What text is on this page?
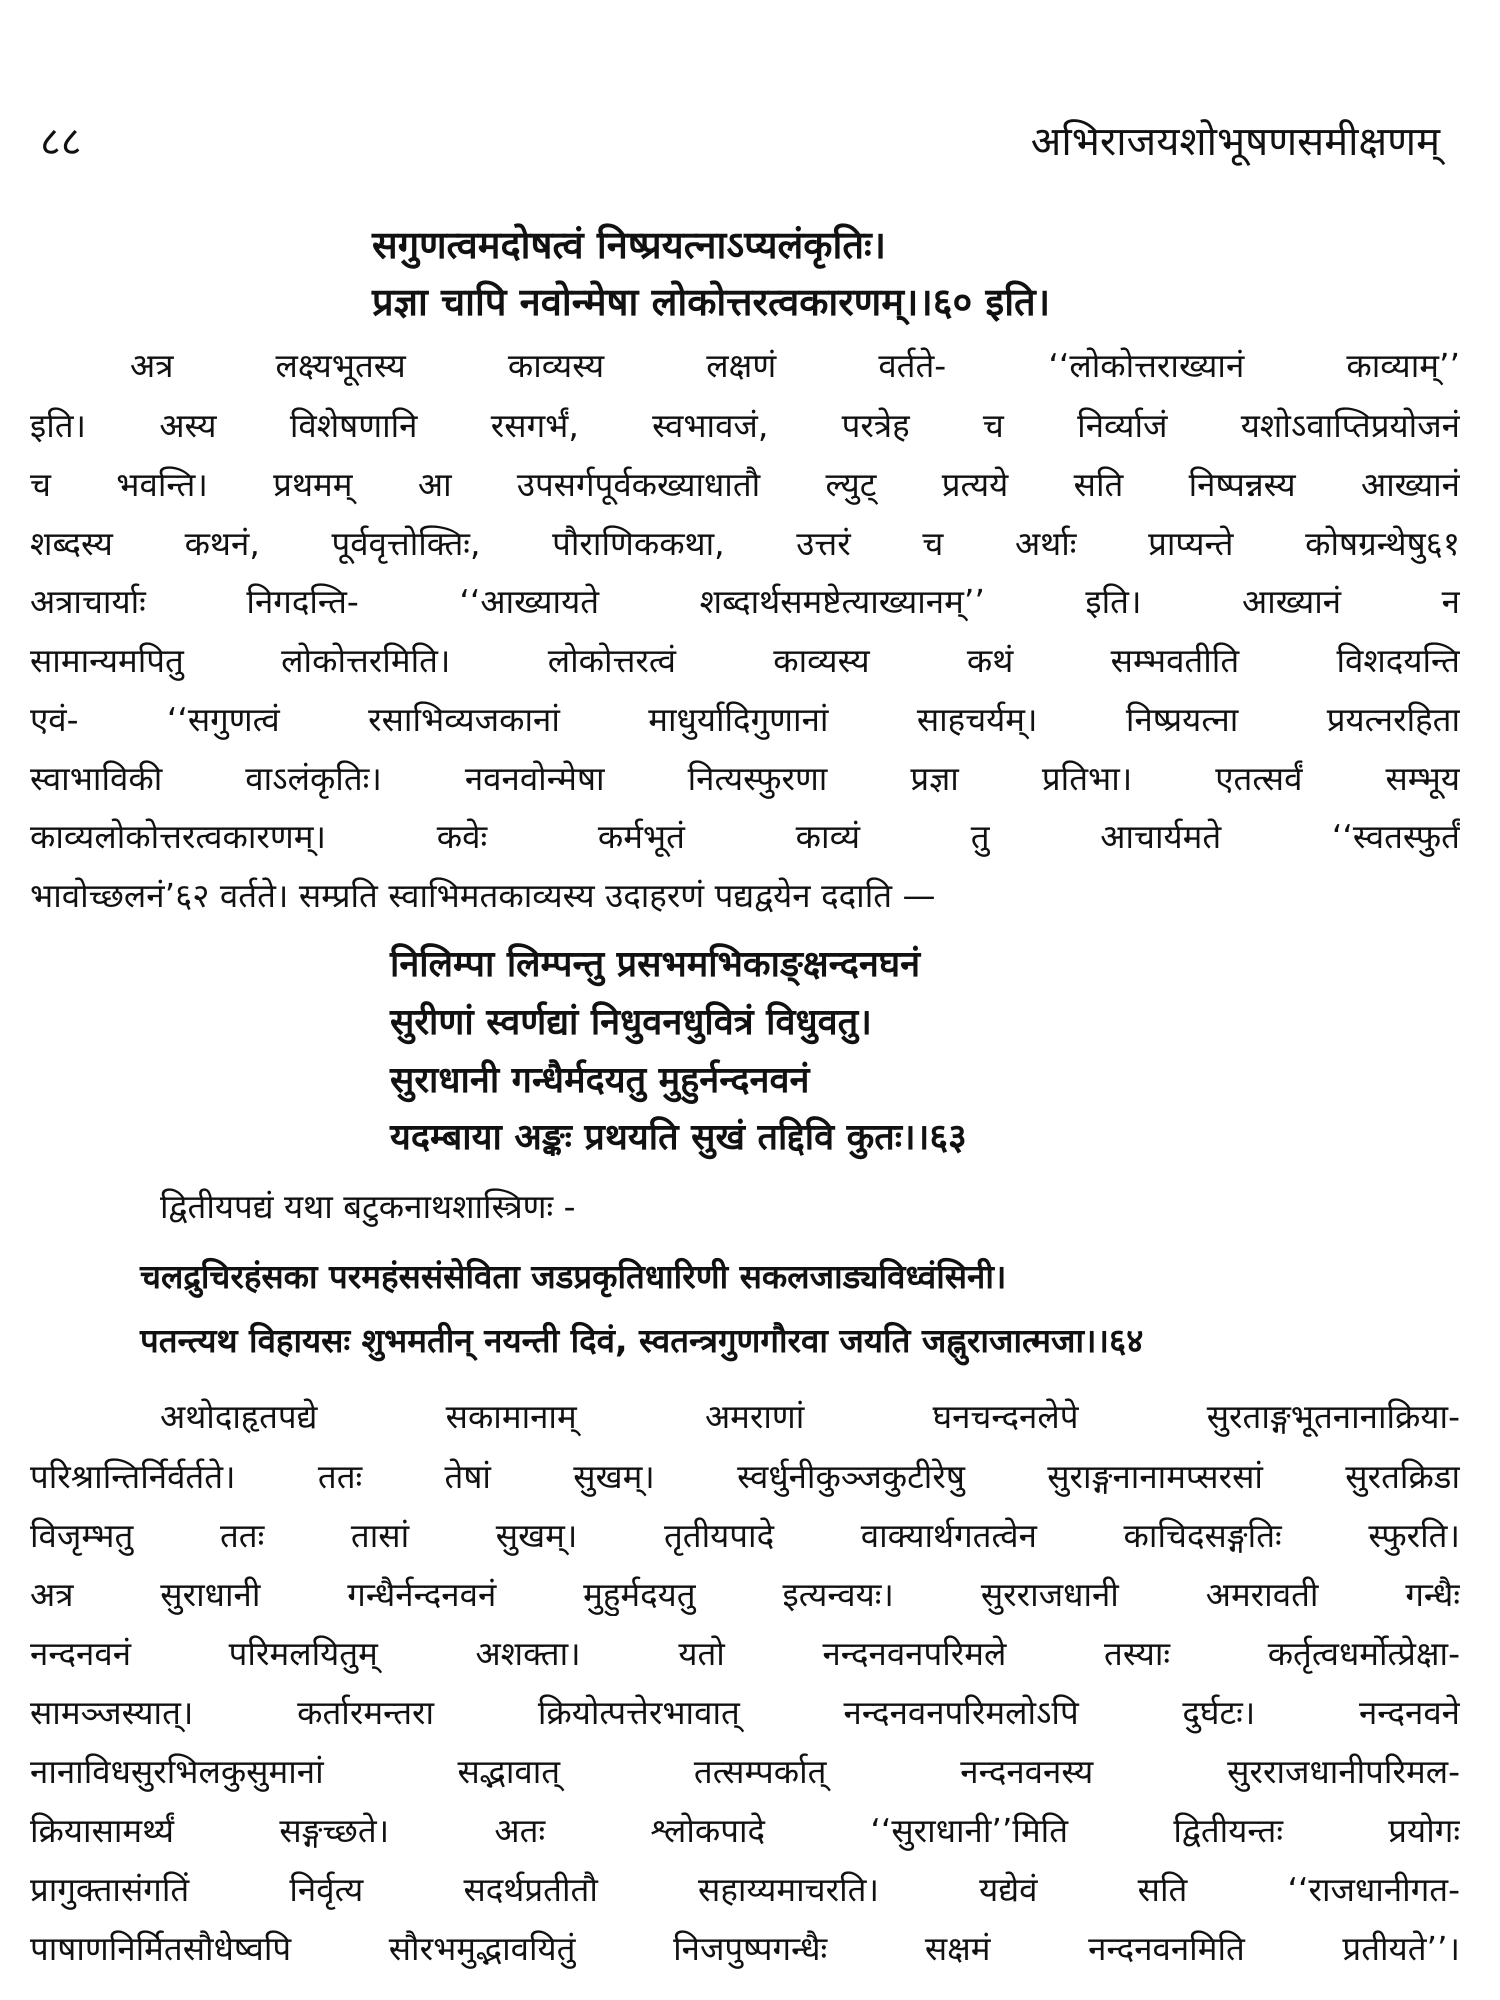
८८	अभिराजयशोभूषणसमीक्षणम्
सगुणत्वमदोषत्वं निष्प्रयत्नाऽप्यलंकृतिः।
प्रज्ञा चापि नवोन्मेषा लोकोत्तरत्वकारणम्।।६० इति।
अत्र लक्ष्यभूतस्य काव्यस्य लक्षणं वर्तते- ‘‘लोकोत्तराख्यानं काव्याम्’’
इति। अस्य विशेषणानि रसगर्भं, स्वभावजं, परत्रेह च निर्व्याजं यशोऽवाप्तिप्रयोजनं
च भवन्ति। प्रथमम् आ उपसर्गपूर्वकख्याधातौ ल्युट् प्रत्यये सति निष्पन्नस्य आख्यानं
शब्दस्य कथनं, पूर्ववृत्तोक्तिः, पौराणिककथा, उत्तरं च अर्थाः प्राप्यन्ते कोषग्रन्थेषु६१
अत्राचार्याः निगदन्ति- ‘‘आख्यायते शब्दार्थसमष्टेत्याख्यानम्’’ इति। आख्यानं न
सामान्यमपितु लोकोत्तरमिति। लोकोत्तरत्वं काव्यस्य कथं सम्भवतीति विशदयन्ति
एवं- ‘‘सगुणत्वं रसाभिव्यजकानां माधुर्यादिगुणानां साहचर्यम्। निष्प्रयत्ना प्रयत्नरहिता
स्वाभाविकी वाऽलंकृतिः। नवनवोन्मेषा नित्यस्फुरणा प्रज्ञा प्रतिभा। एतत्सर्वं सम्भूय
काव्यलोकोत्तरत्वकारणम्। कवेः कर्मभूतं काव्यं तु आचार्यमते ‘‘स्वतस्फुर्तं
भावोच्छलनं’६२ वर्तते। सम्प्रति स्वाभिमतकाव्यस्य उदाहरणं पद्यद्वयेन ददाति —
निलिम्पा लिम्पन्तु प्रसभमभिकाङ्क्षन्दनघनं
सुरीणां स्वर्णद्यां निधुवनधुवित्रं विधुवतु।
सुराधानी गन्धैर्मदयतु मुहुर्नन्दनवनं
यदम्बाया अङ्कः प्रथयति सुखं तद्दिवि कुतः।।६३
द्वितीयपद्यं यथा बटुकनाथशास्त्रिणः -
चलद्रुचिरहंसका परमहंससंसेविता जडप्रकृतिधारिणी सकलजाड्यविध्वंसिनी।
पतन्त्यथ विहायसः शुभमतीन् नयन्ती दिवं, स्वतन्त्रगुणगौरवा जयति जह्नुराजात्मजा।।६४
अथोदाहृतपद्ये सकामानाम् अमराणां घनचन्दनलेपे सुरताङ्गभूतनानाक्रिया-
परिश्रान्तिर्निर्वर्तते। ततः तेषां सुखम्। स्वर्धुनीकुञ्जकुटीरेषु सुराङ्गनानामप्सरसां सुरतक्रिडा
विजृम्भतु ततः तासां सुखम्। तृतीयपादे वाक्यार्थगतत्वेन काचिदसङ्गतिः स्फुरति।
अत्र सुराधानी गन्धैर्नन्दनवनं मुहुर्मदयतु इत्यन्वयः। सुरराजधानी अमरावती गन्धैः
नन्दनवनं परिमलयितुम् अशक्ता। यतो नन्दनवनपरिमले तस्याः कर्तृत्वधर्मोत्प्रेक्षा-
सामञ्जस्यात्। कर्तारमन्तरा क्रियोत्पत्तेरभावात् नन्दनवनपरिमलोऽपि दुर्घटः। नन्दनवने
नानाविधसुरभिलकुसुमानां सद्भावात् तत्सम्पर्कात् नन्दनवनस्य सुरराजधानीपरिमल-
क्रियासामर्थ्यं सङ्गच्छते। अतः श्लोकपादे ‘‘सुराधानी’’मिति द्वितीयन्तः प्रयोगः
प्रागुक्तासंगतिं निर्वृत्य सदर्थप्रतीतौ सहाय्यमाचरति। यद्येवं सति ‘‘राजधानीगत-
पाषाणनिर्मितसौधेष्वपि सौरभमुद्भावयितुं निजपुष्पगन्धैः सक्षमं नन्दनवनमिति प्रतीयते’’।
